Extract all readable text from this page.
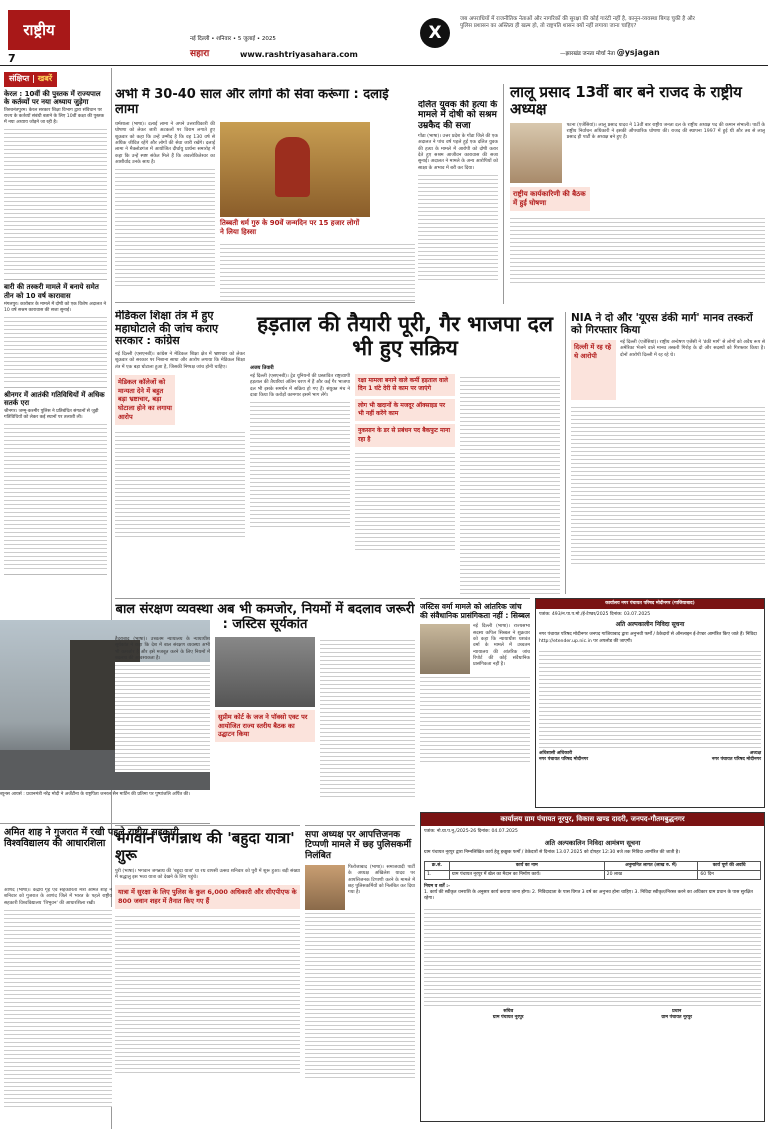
राष्ट्रीय
7
नई दिल्ली • शनिवार • 5 जुलाई • 2025
सहारा	www.rashtriyasahara.com
X
जब अपराधियों में राजनीतिक नेताओं और नागरिकों की सुरक्षा की कोई गारंटी नहीं है, कानून-व्यवस्था बिगड़ चुकी है और पुलिस प्रशासन का अस्तित्व ही खत्म हो, तो राष्ट्रपति शासन क्यों नहीं लगाया जाना चाहिए?
—झारखंड जनता मोर्चा नेता @ysjagan
संक्षिप्त | खबरें
केरल : 10वीं की पुस्तक में राज्यपाल के कर्तव्यों पर नया अध्याय जुड़ेगा

तिरुवनंतपुरम। केरल सरकार शिक्षा विभाग द्वारा संविधान पर राज्य के कर्तव्यों संबंधी बताने के लिए 10वीं कक्षा की पुस्तक में नया अध्याय जोड़ने जा रही है।

बारी की तस्करी मामले में बनाये समेत तीन को 10 वर्ष कारावास

मंगलपुर। कारोबार के मामले में दोषी को एक विशेष अदालत ने 10 वर्ष सश्रम कारावास की सजा सुनाई।

श्रीनगर में आतंकी गतिविधियों में अधिक सतर्क एरा

श्रीनगर। जम्मू-कश्मीर पुलिस ने प्रतिबंधित संगठनों से जुड़ी गतिविधियों को लेकर कई स्थानों पर तलाशी ली।

ब्यूनस आयर्स : प्रधानमंत्री नरेंद्र मोदी ने अर्जेंटीना के राष्ट्रपिता जनरल सैन मार्टिन की प्रतिमा पर पुष्पांजलि अर्पित की।
अमित शाह ने गुजरात में रखी पहले राष्ट्रीय सहकारी विश्वविद्यालय की आधारशिला
आणंद (भाषा)। केंद्रीय गृह एवं सहकारिता मंत्री अमित शाह ने शनिवार को गुजरात के आणंद जिले में भारत के पहले राष्ट्रीय सहकारी विश्वविद्यालय 'त्रिभुवन' की आधारशिला रखी।
अभी मैं 30-40 साल और लोगों की सेवा करूंगा : दलाई लामा
धर्मशाला (भाषा)। दलाई लामा ने अपने उत्तराधिकारी की घोषणा को लेकर जारी अटकलों पर विराम लगाते हुए शुक्रवार को कहा कि उन्हें उम्मीद है कि वह 130 वर्ष से अधिक जीवित रहेंगे और लोगों की सेवा जारी रखेंगे। दलाई लामा ने मैक्लोडगंज में आयोजित दीर्घायु प्रार्थना समारोह में कहा कि उन्हें स्पष्ट संकेत मिले हैं कि अवलोकितेश्वर का आशीर्वाद उनके साथ है।
तिब्बती धर्म गुरु के 90वें जन्मदिन पर 15 हजार लोगों ने लिया हिस्सा
दलित युवक की हत्या के मामले में दोषी को सश्रम उम्रकैद की सजा
गोंडा (भाषा)। उत्तर प्रदेश के गोंडा जिले की एक अदालत ने पांच वर्ष पहले हुई एक दलित युवक की हत्या के मामले में आरोपी को दोषी करार देते हुए सश्रम आजीवन कारावास की सजा सुनाई। अदालत ने मामले के अन्य आरोपियों को साक्ष्य के अभाव में बरी कर दिया।
लालू प्रसाद 13वीं बार बने राजद के राष्ट्रीय अध्यक्ष
पटना (एजेंसियां)। लालू प्रसाद यादव ने 13वीं बार राष्ट्रीय जनता दल के राष्ट्रीय अध्यक्ष पद की कमान संभाली। पार्टी के राष्ट्रीय निर्वाचन अधिकारी ने इसकी औपचारिक घोषणा की। राजद की स्थापना 1997 में हुई थी और तब से लालू प्रसाद ही पार्टी के अध्यक्ष बने हुए हैं।
राष्ट्रीय कार्यकारिणी की बैठक में हुई घोषणा
मेडिकल शिक्षा तंत्र में हुए महाघोटाले की जांच कराए सरकार : कांग्रेस
नई दिल्ली (एसएनबी)। कांग्रेस ने मेडिकल शिक्षा क्षेत्र में भ्रष्टाचार को लेकर शुक्रवार को सरकार पर निशाना साधा और आरोप लगाया कि मेडिकल शिक्षा तंत्र में एक बड़ा घोटाला हुआ है, जिसकी निष्पक्ष जांच होनी चाहिए।
मेडिकल कॉलेजों को मान्यता देने में बहुत बड़ा भ्रष्टाचार, बड़ा घोटाला होने का लगाया आरोप
हड़ताल की तैयारी पूरी, गैर भाजपा दल भी हुए सक्रिय
अजय तिवारी
नई दिल्ली (एसएनबी)। ट्रेड यूनियनों की प्रस्तावित राष्ट्रव्यापी हड़ताल की तैयारियां अंतिम चरण में हैं और कई गैर भाजपा दल भी इसके समर्थन में सक्रिय हो गए हैं। संयुक्त मंच ने दावा किया कि करोड़ों कामगार इसमें भाग लेंगे।
रक्षा मामला बनाने वाले कर्मी हड़ताल वाले दिन 1 घंटे देरी से काम पर जाएंगे
लोग भी खदानों के मजदूर ऑक्साइड पर भी नहीं करेंगे काम
नुकसान के डर से प्रबंधन पद बैकफुट माना रहा है
NIA ने दो और 'यूएस डंकी मार्ग' मानव तस्करों को गिरफ्तार किया
दिल्ली में रह रहे थे आरोपी
नई दिल्ली (एजेंसियां)। राष्ट्रीय अन्वेषण एजेंसी ने 'डंकी मार्ग' से लोगों को अवैध रूप से अमेरिका भेजने वाले मानव तस्करी गिरोह के दो और सदस्यों को गिरफ्तार किया है। दोनों आरोपी दिल्ली में रह रहे थे।
बाल संरक्षण व्यवस्था अब भी कमजोर, नियमों में बदलाव जरूरी : जस्टिस सूर्यकांत
हैदराबाद (भाषा)। उच्चतम न्यायालय के न्यायाधीश सूर्यकांत ने कहा कि देश में बाल संरक्षण व्यवस्था अभी भी कमजोर है और इसे मजबूत करने के लिए नियमों में बदलाव की आवश्यकता है।
सुप्रीम कोर्ट के जज ने पॉक्सो एक्ट पर आयोजित राज्य स्तरीय बैठक का उद्घाटन किया
जस्टिस वर्मा मामले को आंतरिक जांच की संवैधानिक प्रासंगिकता नहीं : सिब्बल
नई दिल्ली (भाषा)। राज्यसभा सदस्य कपिल सिब्बल ने शुक्रवार को कहा कि न्यायाधीश यशवंत वर्मा के मामले में उच्चतम न्यायालय की आंतरिक जांच रिपोर्ट की कोई संवैधानिक प्रासंगिकता नहीं है।
कार्यालय नगर पंचायत परिषद मोदीनगर (गाजियाबाद)
पत्रांक: 493/न.पा.प.मो./ई-टेण्डर/2025 दिनांक: 03.07.2025
अति अल्पकालीन निविदा सूचना
नगर पंचायत परिषद मोदीनगर जनपद गाजियाबाद द्वारा अनुभवी फर्मों / ठेकेदारों से ऑनलाइन ई-टेण्डर आमंत्रित किए जाते हैं। निविदा http://etender.up.nic.in पर अपलोड की जाएगी।
अधिशासी अधिकारी
नगर पंचायत परिषद मोदीनगर
अध्यक्ष
नगर पंचायत परिषद मोदीनगर
कार्यालय ग्राम पंचायत नूरपुर, विकास खण्ड दादरी, जनपद-गौतमबुद्धनगर
पत्रांक: नो.ग्रा.प.नू./2025-26 दिनांक: 04.07.2025
अति अल्पकालिन निविदा आमंत्रण सूचना
ग्राम पंचायत नूरपुर द्वारा निम्नलिखित कार्य हेतु इच्छुक फर्मों / ठेकेदारों से दिनांक 13.07.2025 को दोपहर 12:30 बजे तक निविदा आमंत्रित की जाती है।
क्र.सं.	कार्य का नाम	अनुमानित लागत (लाख रु. में)	कार्य पूर्ण की अवधि
1.	ग्राम पंचायत नूरपुर में खेल का मैदान का निर्माण कार्य।	20 लाख	60 दिन
नियम व शर्तें :-
1. कार्य की स्वीकृत धनराशि के अनुसार कार्य कराया जाना होगा। 2. निविदादाता के पास विगत 3 वर्ष का अनुभव होना चाहिए। 3. निविदा स्वीकृत/निरस्त करने का अधिकार ग्राम प्रधान के पास सुरक्षित रहेगा।
सचिव
ग्राम पंचायत नूरपुर
प्रधान
ग्राम पंचायत नूरपुर
भगवान जगन्नाथ की 'बहुदा यात्रा' शुरू
पुरी (भाषा)। भगवान जगन्नाथ की 'बहुदा यात्रा' या रथ वापसी उत्सव शनिवार को पुरी में शुरू हुआ। बड़ी संख्या में श्रद्धालु इस भव्य यात्रा को देखने के लिए पहुंचे।
यात्रा में सुरक्षा के लिए पुलिस के कुल 6,000 अधिकारी और सीएपीएफ के 800 जवान शहर में तैनात किए गए हैं
सपा अध्यक्ष पर आपत्तिजनक टिप्पणी मामले में छह पुलिसकर्मी निलंबित
फिरोजाबाद (भाषा)। समाजवादी पार्टी के अध्यक्ष अखिलेश यादव पर आपत्तिजनक टिप्पणी करने के मामले में छह पुलिसकर्मियों को निलंबित कर दिया गया है।
